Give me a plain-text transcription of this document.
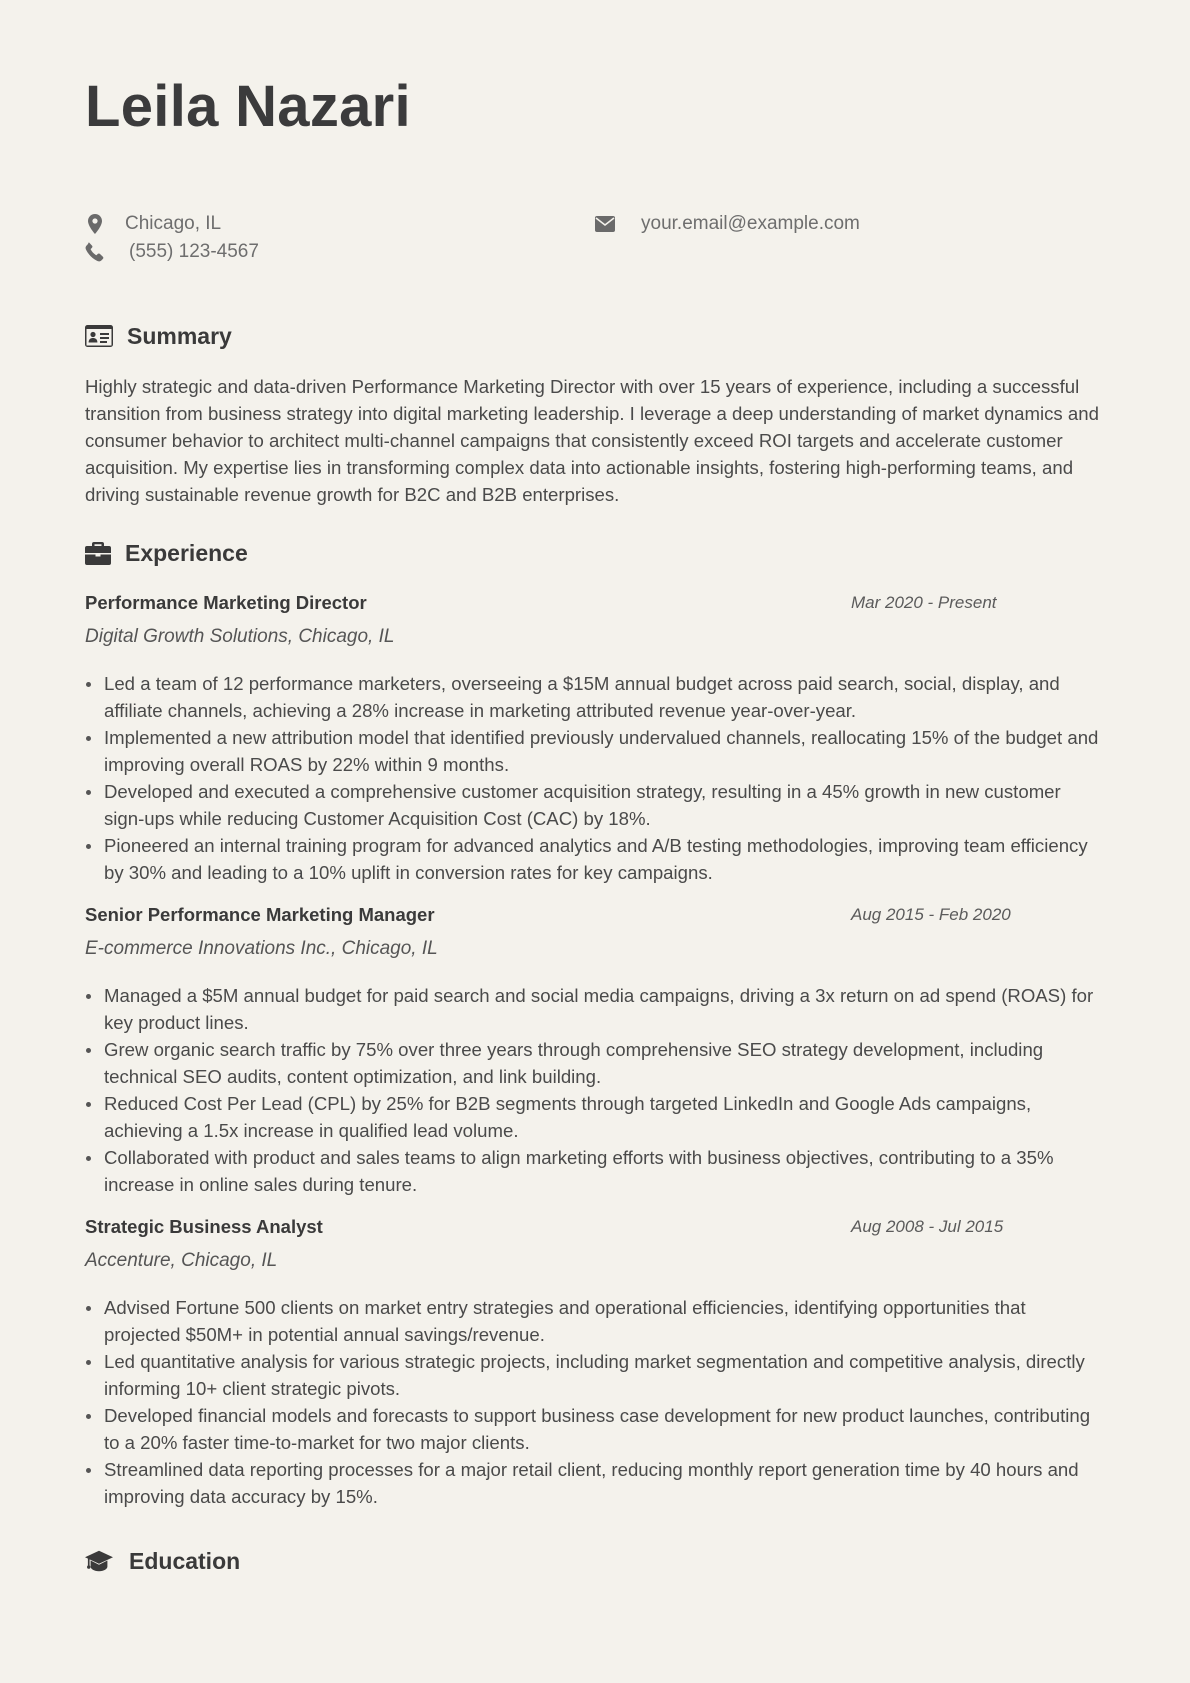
Leila Nazari
Chicago, IL
(555) 123-4567
your.email@example.com
Summary

Highly strategic and data-driven Performance Marketing Director with over 15 years of experience, including a successful transition from business strategy into digital marketing leadership. I leverage a deep understanding of market dynamics and consumer behavior to architect multi-channel campaigns that consistently exceed ROI targets and accelerate customer acquisition. My expertise lies in transforming complex data into actionable insights, fostering high-performing teams, and driving sustainable revenue growth for B2C and B2B enterprises.

Experience
Performance Marketing Director	Mar 2020 - Present
Digital Growth Solutions, Chicago, IL
Led a team of 12 performance marketers, overseeing a $15M annual budget across paid search, social, display, and affiliate channels, achieving a 28% increase in marketing attributed revenue year-over-year.
Implemented a new attribution model that identified previously undervalued channels, reallocating 15% of the budget and improving overall ROAS by 22% within 9 months.
Developed and executed a comprehensive customer acquisition strategy, resulting in a 45% growth in new customer sign-ups while reducing Customer Acquisition Cost (CAC) by 18%.
Pioneered an internal training program for advanced analytics and A/B testing methodologies, improving team efficiency by 30% and leading to a 10% uplift in conversion rates for key campaigns.
Senior Performance Marketing Manager	Aug 2015 - Feb 2020
E-commerce Innovations Inc., Chicago, IL
Managed a $5M annual budget for paid search and social media campaigns, driving a 3x return on ad spend (ROAS) for key product lines.
Grew organic search traffic by 75% over three years through comprehensive SEO strategy development, including technical SEO audits, content optimization, and link building.
Reduced Cost Per Lead (CPL) by 25% for B2B segments through targeted LinkedIn and Google Ads campaigns, achieving a 1.5x increase in qualified lead volume.
Collaborated with product and sales teams to align marketing efforts with business objectives, contributing to a 35% increase in online sales during tenure.
Strategic Business Analyst	Aug 2008 - Jul 2015
Accenture, Chicago, IL
Advised Fortune 500 clients on market entry strategies and operational efficiencies, identifying opportunities that projected $50M+ in potential annual savings/revenue.
Led quantitative analysis for various strategic projects, including market segmentation and competitive analysis, directly informing 10+ client strategic pivots.
Developed financial models and forecasts to support business case development for new product launches, contributing to a 20% faster time-to-market for two major clients.
Streamlined data reporting processes for a major retail client, reducing monthly report generation time by 40 hours and improving data accuracy by 15%.
Education
